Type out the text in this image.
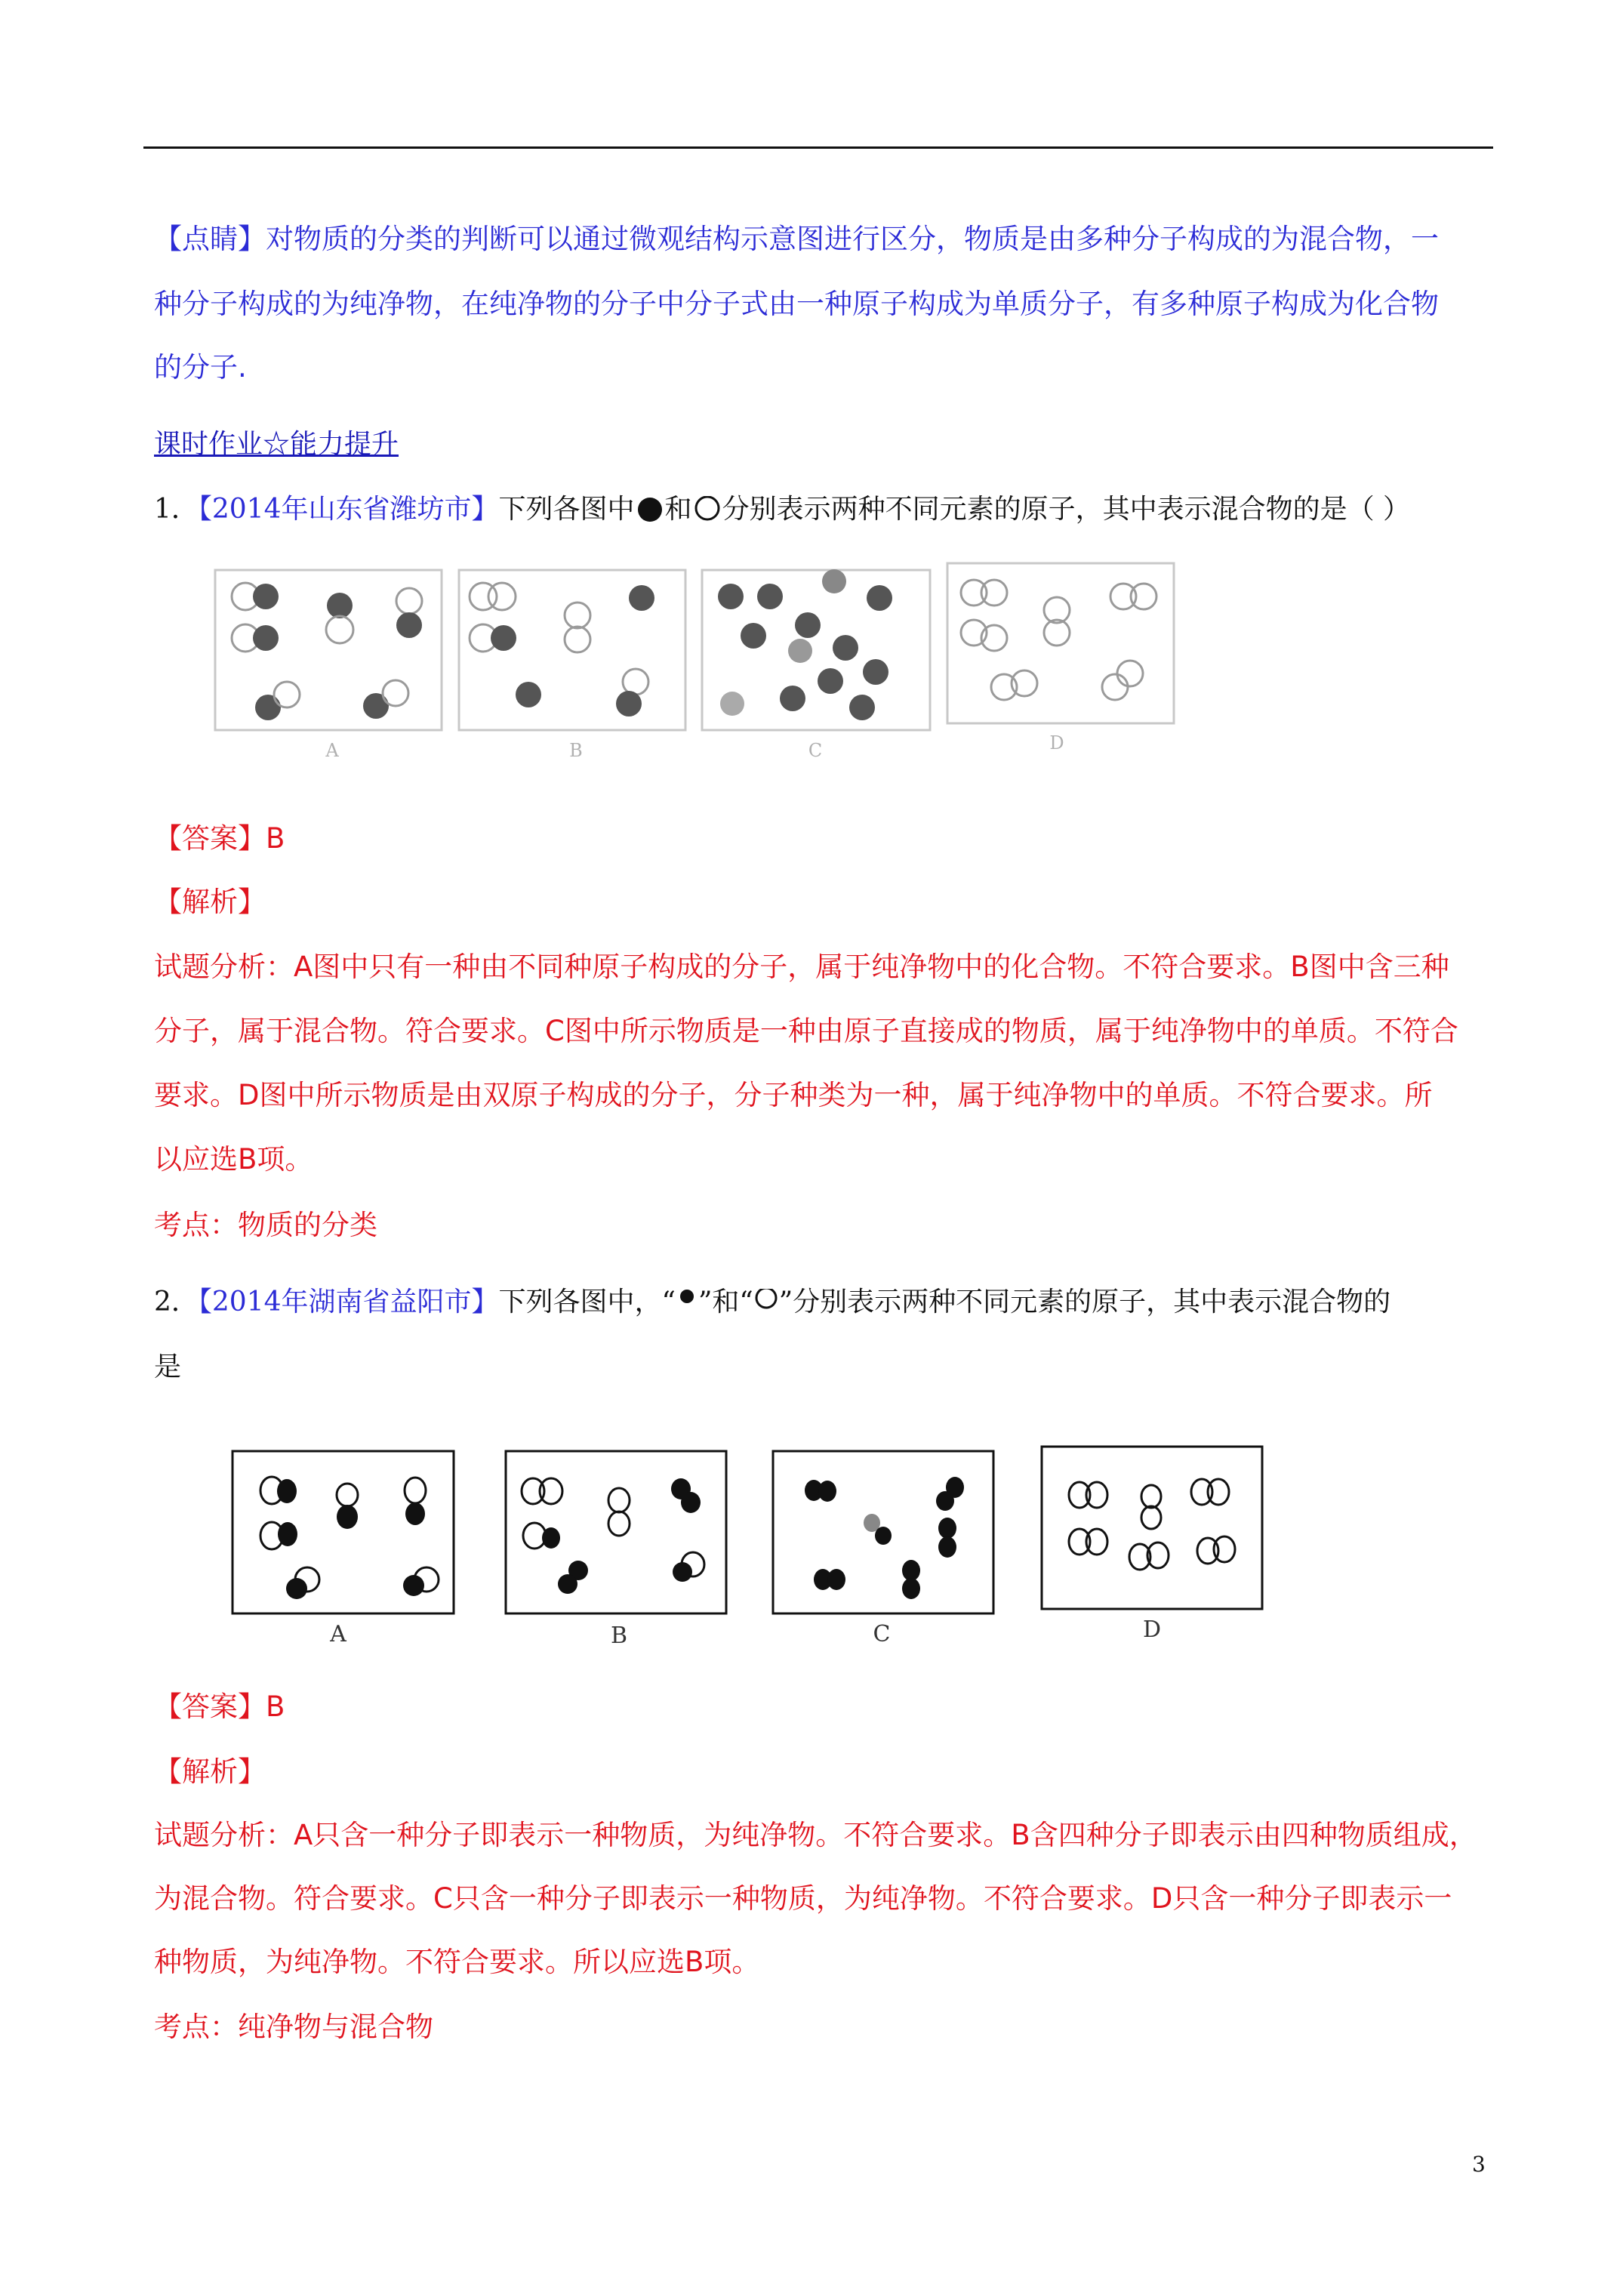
【点睛】对物质的分类的判断可以通过微观结构示意图进行区分，物质是由多种分子构成的为混合物，一

种分子构成的为纯净物，在纯净物的分子中分子式由一种原子构成为单质分子，有多种原子构成为化合物

的分子.

课时作业☆能力提升

1．【2014年山东省潍坊市】下列各图中 和 分别表示两种不同元素的原子，其中表示混合物的是（ ）

A	B	C	D

【答案】B

【解析】

试题分析：A图中只有一种由不同种原子构成的分子，属于纯净物中的化合物。不符合要求。B图中含三种

分子，属于混合物。符合要求。C图中所示物质是一种由原子直接成的物质，属于纯净物中的单质。不符合

要求。D图中所示物质是由双原子构成的分子，分子种类为一种，属于纯净物中的单质。不符合要求。所

以应选B项。

考点：物质的分类

2．【2014年湖南省益阳市】下列各图中，“ ”和“ ”分别表示两种不同元素的原子，其中表示混合物的

是

A	B	C	D

【答案】B

【解析】

试题分析：A只含一种分子即表示一种物质，为纯净物。不符合要求。B含四种分子即表示由四种物质组成，

为混合物。符合要求。C只含一种分子即表示一种物质，为纯净物。不符合要求。D只含一种分子即表示一

种物质，为纯净物。不符合要求。所以应选B项。

考点：纯净物与混合物

3
